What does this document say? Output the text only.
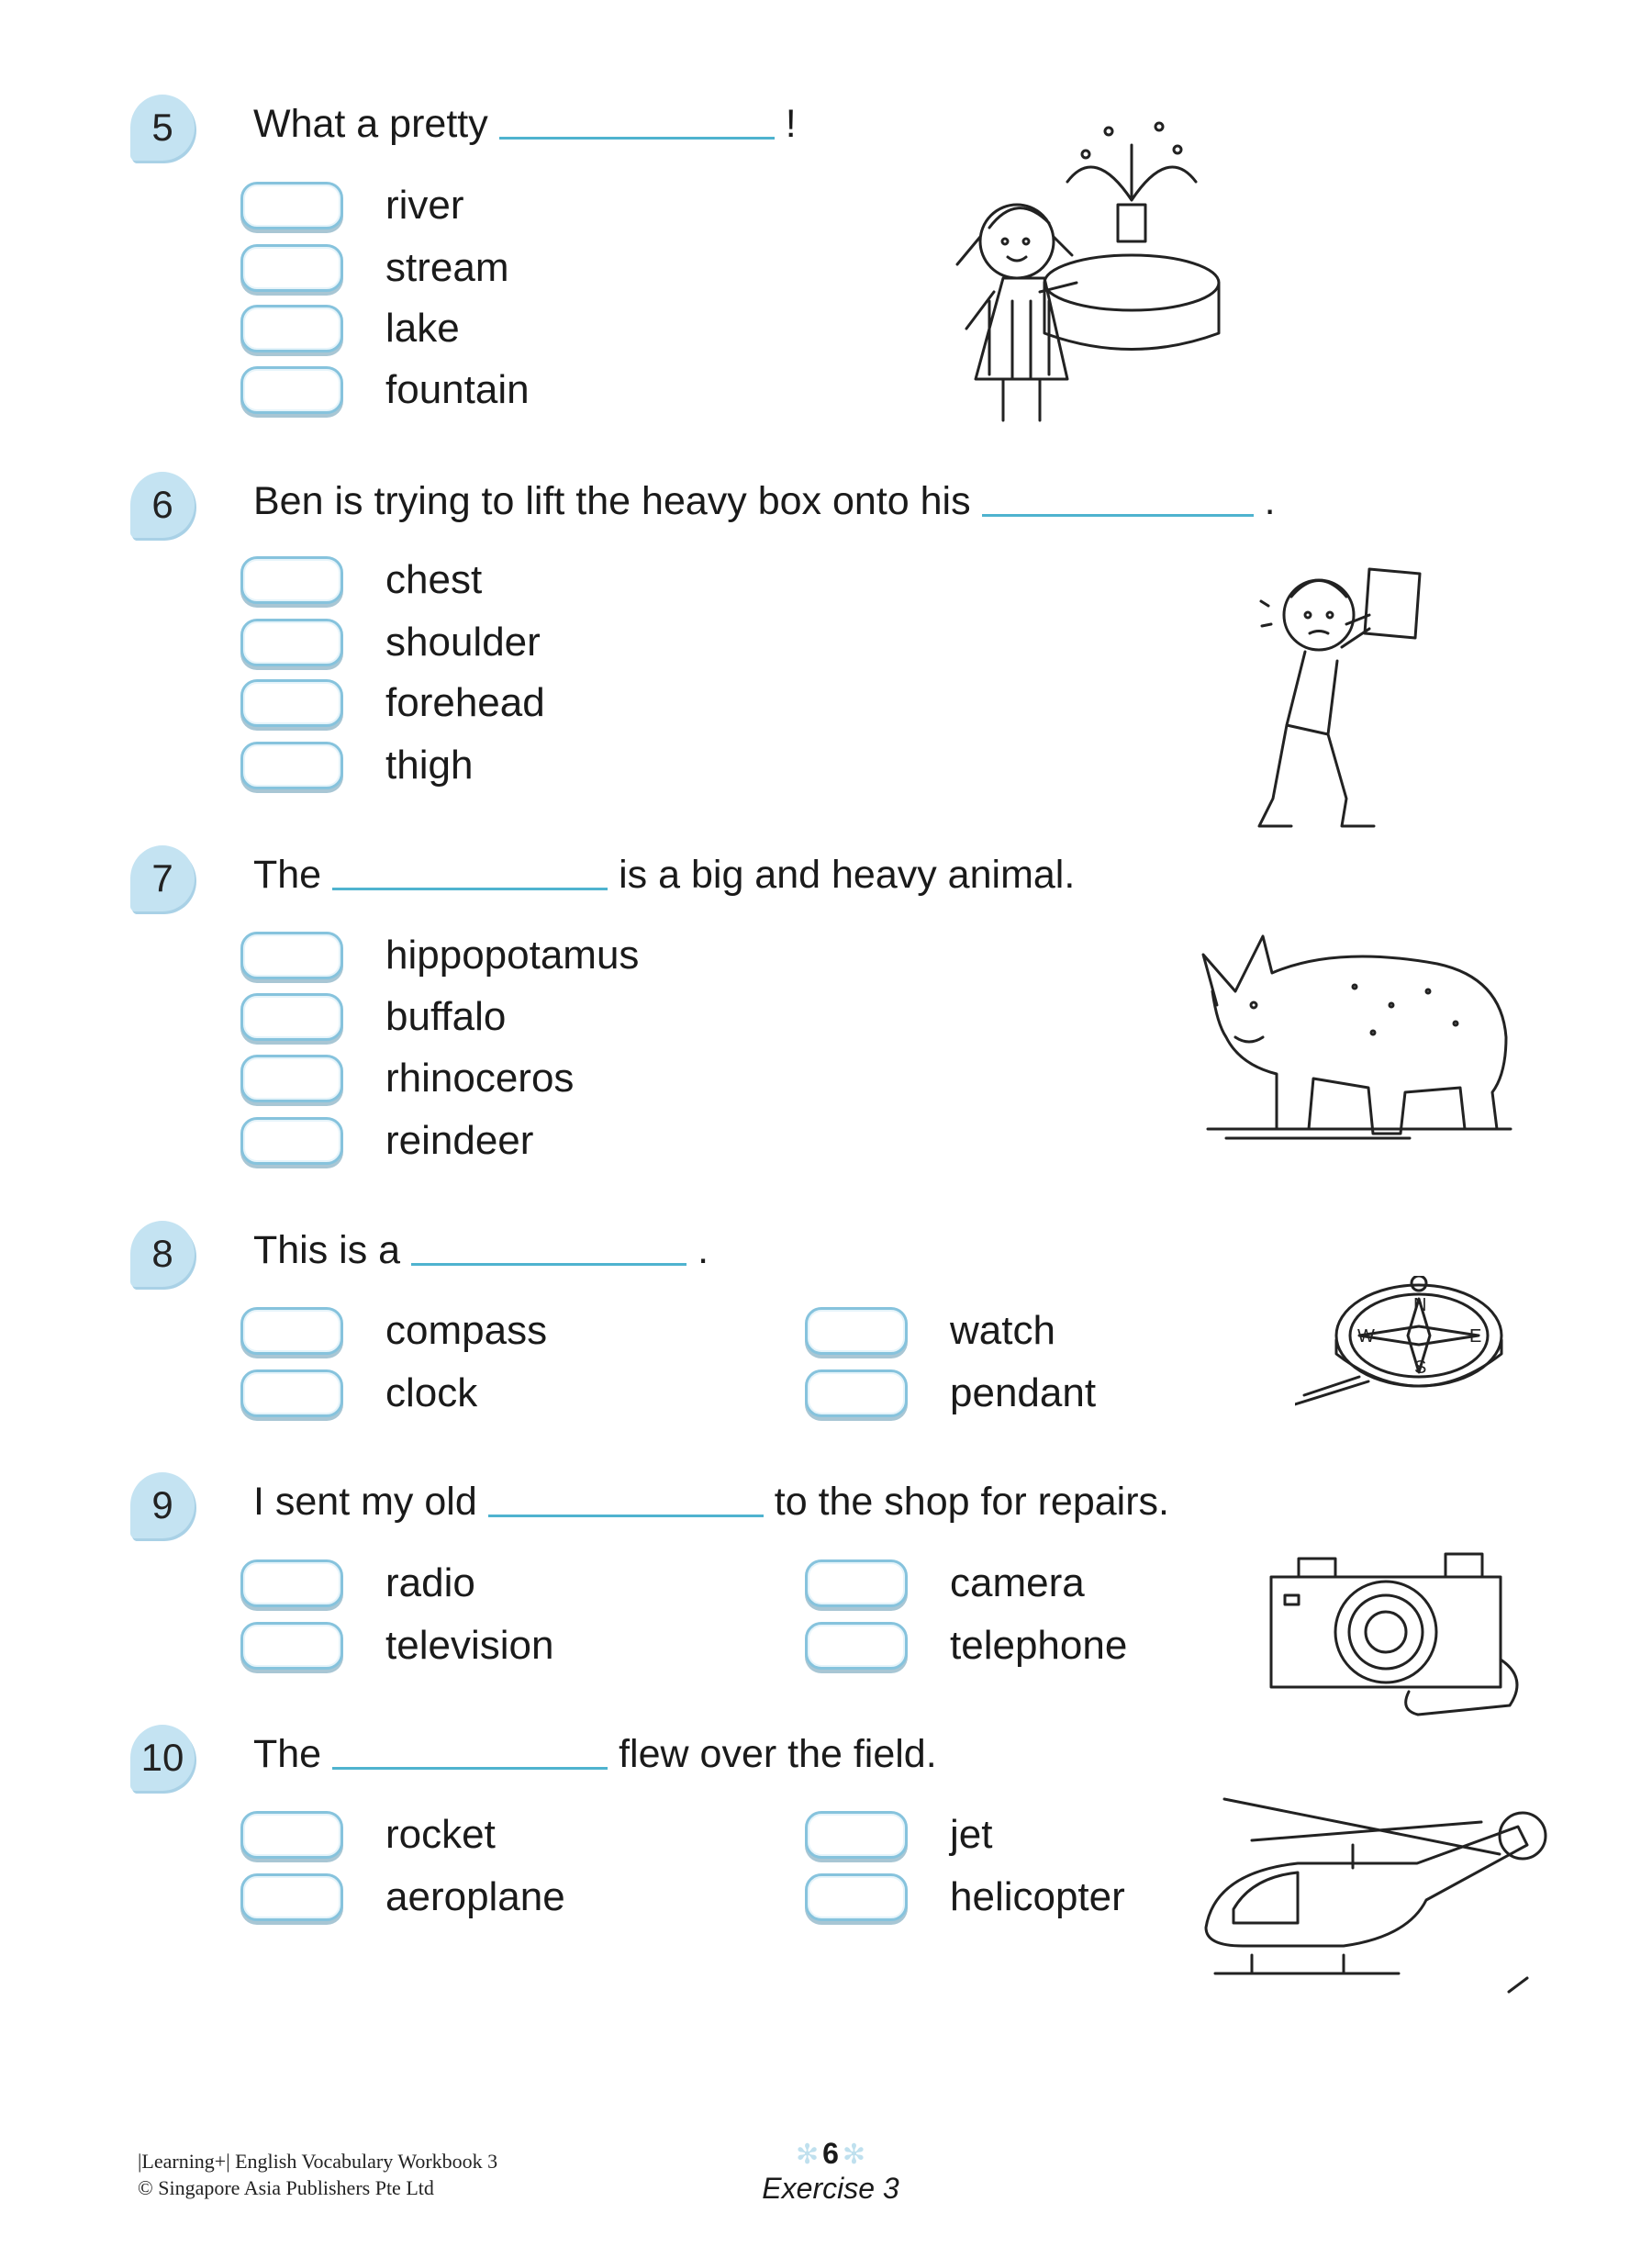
5 What a pretty	!
river
stream
lake
fountain
6 Ben is trying to lift the heavy box onto his	.
chest
shoulder
forehead
thigh
7 The	is a big and heavy animal.
hippopotamus
buffalo
rhinoceros
reindeer
8 This is a	.
compass
clock
watch
pendant
9 I sent my old	to the shop for repairs.
radio
television
camera
telephone
10 The	flew over the field.
rocket
aeroplane
jet
helicopter
N
S
E
W
|Learning+| English Vocabulary Workbook 3
© Singapore Asia Publishers Pte Ltd
✻ 6 ✻
Exercise 3
